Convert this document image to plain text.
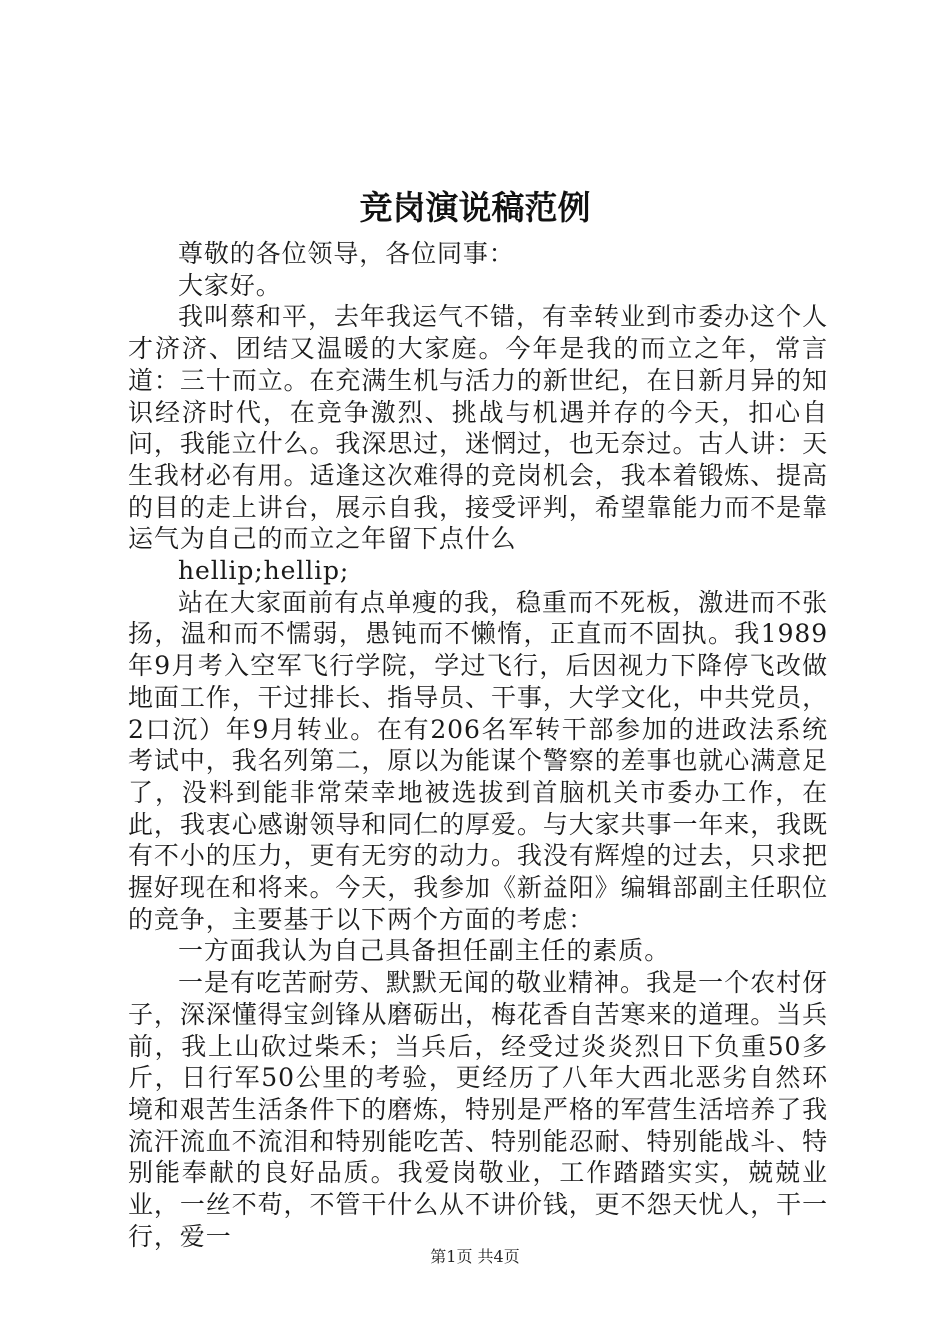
竞岗演说稿范例

尊敬的各位领导，各位同事：

大家好。

我叫蔡和平，去年我运气不错，有幸转业到市委办这个人才济济、团结又温暖的大家庭。今年是我的而立之年，常言道：三十而立。在充满生机与活力的新世纪，在日新月异的知识经济时代，在竞争激烈、挑战与机遇并存的今天，扣心自问，我能立什么。我深思过，迷惘过，也无奈过。古人讲：天生我材必有用。适逢这次难得的竞岗机会，我本着锻炼、提高的目的走上讲台，展示自我，接受评判，希望靠能力而不是靠运气为自己的而立之年留下点什么

hellip;hellip;

站在大家面前有点单瘦的我，稳重而不死板，激进而不张扬，温和而不懦弱，愚钝而不懒惰，正直而不固执。我1989年9月考入空军飞行学院，学过飞行，后因视力下降停飞改做地面工作，干过排长、指导员、干事，大学文化，中共党员，2口沉）年9月转业。在有206名军转干部参加的进政法系统考试中，我名列第二，原以为能谋个警察的差事也就心满意足了，没料到能非常荣幸地被选拔到首脑机关市委办工作，在此，我衷心感谢领导和同仁的厚爱。与大家共事一年来，我既有不小的压力，更有无穷的动力。我没有辉煌的过去，只求把握好现在和将来。今天，我参加《新益阳》编辑部副主任职位的竞争，主要基于以下两个方面的考虑：

一方面我认为自己具备担任副主任的素质。

一是有吃苦耐劳、默默无闻的敬业精神。我是一个农村伢子，深深懂得宝剑锋从磨砺出，梅花香自苦寒来的道理。当兵前，我上山砍过柴禾；当兵后，经受过炎炎烈日下负重50多斤，日行军50公里的考验，更经历了八年大西北恶劣自然环境和艰苦生活条件下的磨炼，特别是严格的军营生活培养了我流汗流血不流泪和特别能吃苦、特别能忍耐、特别能战斗、特别能奉献的良好品质。我爱岗敬业，工作踏踏实实，兢兢业业，一丝不苟，不管干什么从不讲价钱，更不怨天忧人，干一行，爱一

第1页 共4页
